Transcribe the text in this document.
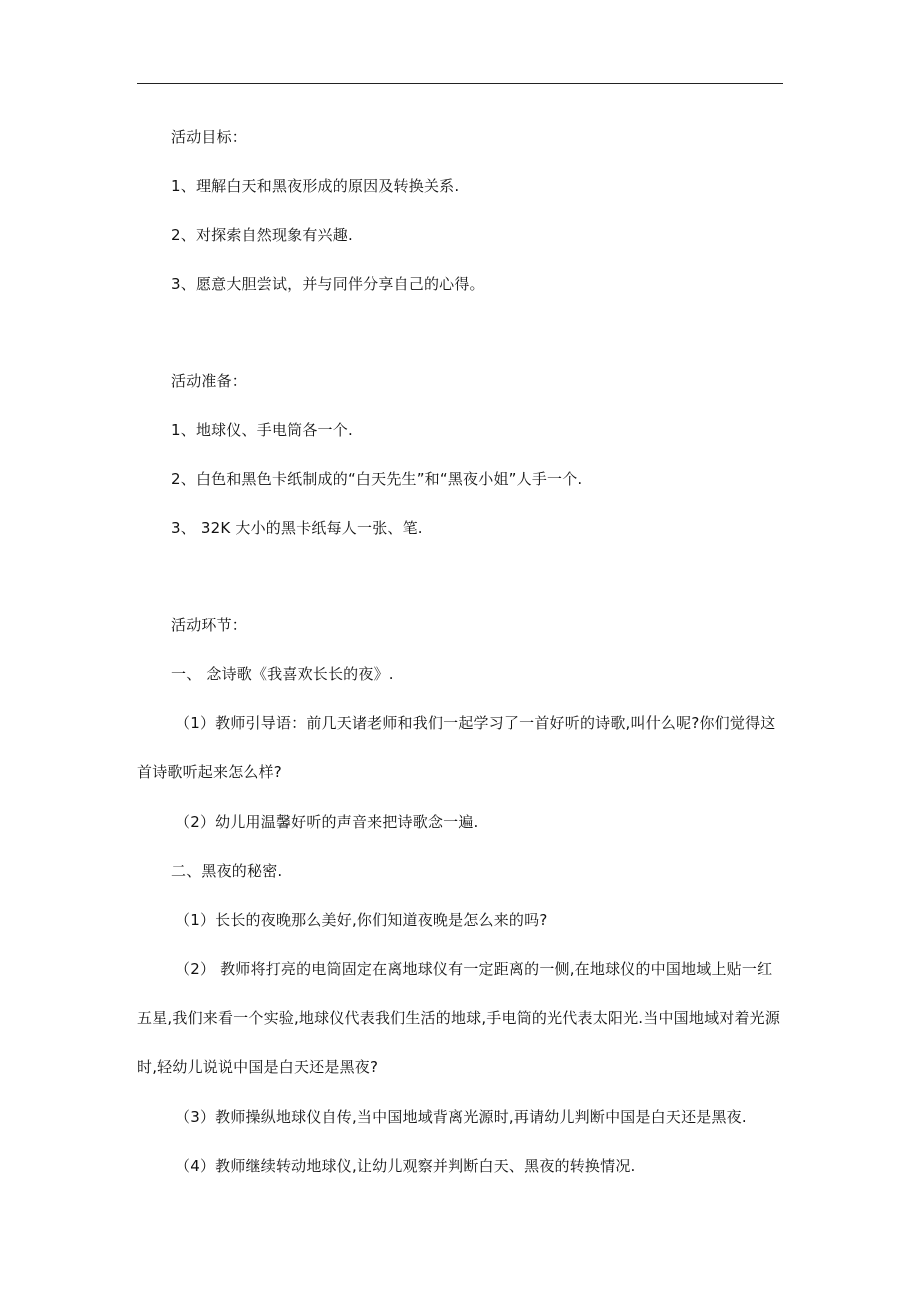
活动目标：
1、理解白天和黑夜形成的原因及转换关系.
2、对探索自然现象有兴趣.
3、愿意大胆尝试，并与同伴分享自己的心得。
活动准备：
1、地球仪、手电筒各一个.
2、白色和黑色卡纸制成的“白天先生”和“黑夜小姐”人手一个.
3、 32K 大小的黑卡纸每人一张、笔.
活动环节：
一、 念诗歌《我喜欢长长的夜》.
（1）教师引导语：前几天诸老师和我们一起学习了一首好听的诗歌,叫什么呢?你们觉得这首诗歌听起来怎么样?
（2）幼儿用温馨好听的声音来把诗歌念一遍.
二、黑夜的秘密.
（1）长长的夜晚那么美好,你们知道夜晚是怎么来的吗?
（2） 教师将打亮的电筒固定在离地球仪有一定距离的一侧,在地球仪的中国地域上贴一红五星,我们来看一个实验,地球仪代表我们生活的地球,手电筒的光代表太阳光.当中国地域对着光源时,轻幼儿说说中国是白天还是黑夜?
（3）教师操纵地球仪自传,当中国地域背离光源时,再请幼儿判断中国是白天还是黑夜.
（4）教师继续转动地球仪,让幼儿观察并判断白天、黑夜的转换情况.
